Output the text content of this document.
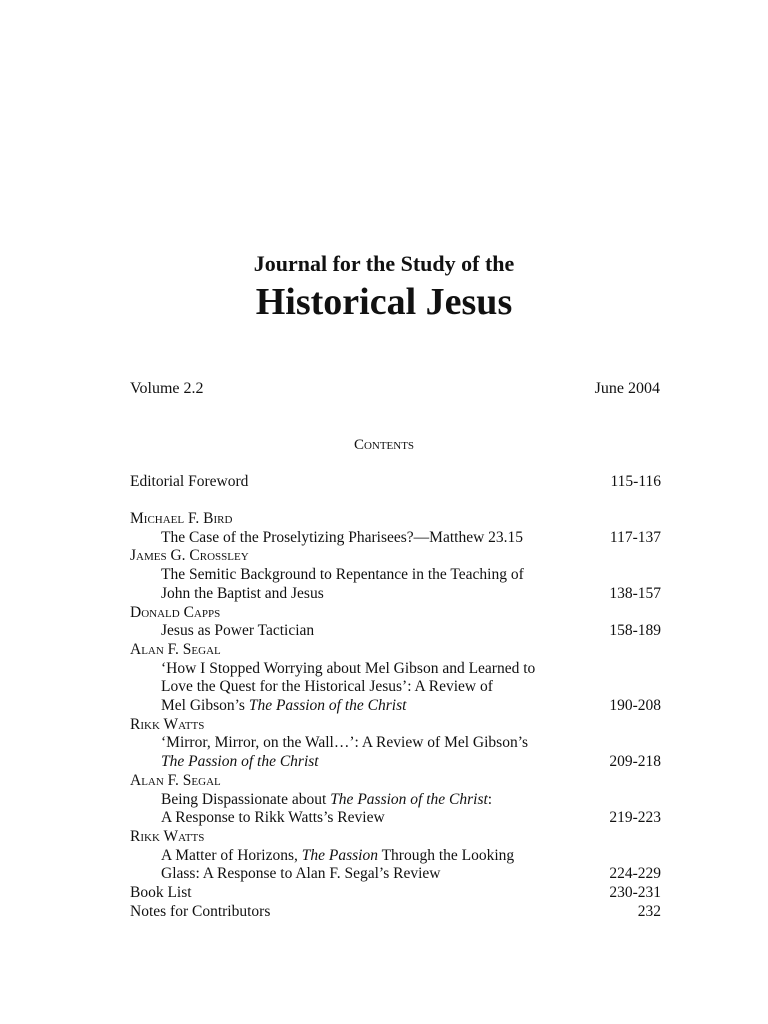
Journal for the Study of the
Historical Jesus
Volume 2.2	June 2004
Contents
Editorial Foreword	115-116
Michael F. Bird
The Case of the Proselytizing Pharisees?—Matthew 23.15	117-137
James G. Crossley
The Semitic Background to Repentance in the Teaching of
John the Baptist and Jesus	138-157
Donald Capps
Jesus as Power Tactician	158-189
Alan F. Segal
‘How I Stopped Worrying about Mel Gibson and Learned to
Love the Quest for the Historical Jesus’: A Review of
Mel Gibson’s The Passion of the Christ	190-208
Rikk Watts
‘Mirror, Mirror, on the Wall…’: A Review of Mel Gibson’s
The Passion of the Christ	209-218
Alan F. Segal
Being Dispassionate about The Passion of the Christ:
A Response to Rikk Watts’s Review	219-223
Rikk Watts
A Matter of Horizons, The Passion Through the Looking
Glass: A Response to Alan F. Segal’s Review	224-229
Book List	230-231
Notes for Contributors	232
